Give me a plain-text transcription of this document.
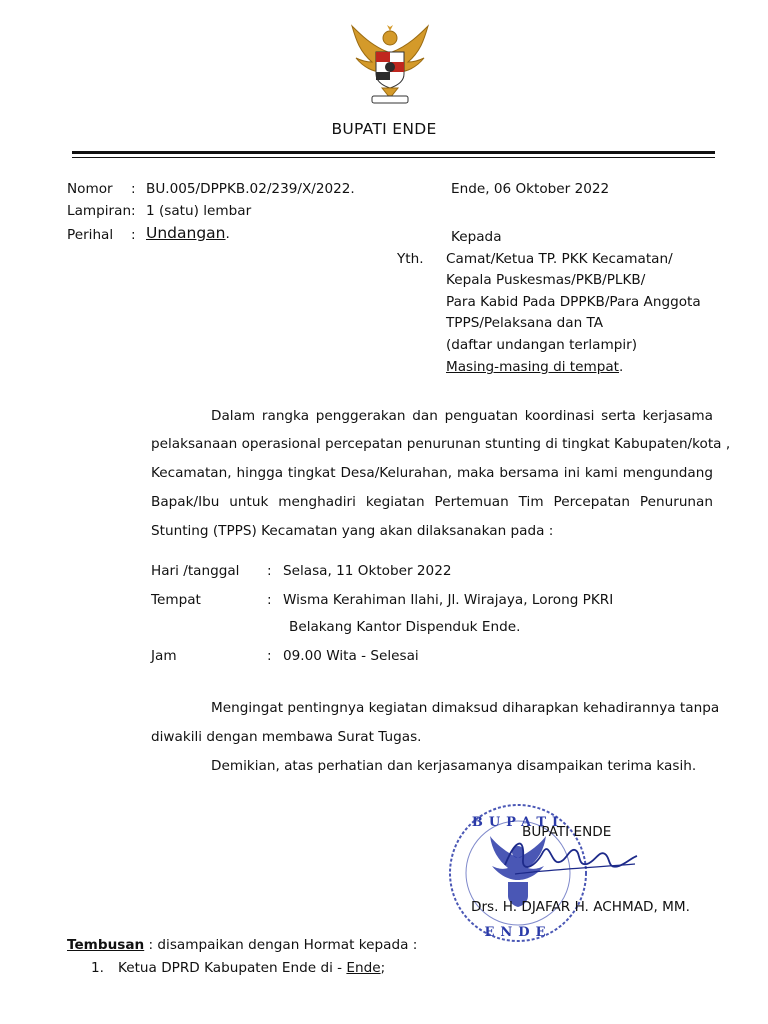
BUPATI ENDE
Nomor : BU.005/DPPKB.02/239/X/2022.	Ende, 06 Oktober 2022
Lampiran : 1 (satu) lembar
Perihal : Undangan.	Kepada
Yth. Camat/Ketua TP. PKK Kecamatan/
Kepala Puskesmas/PKB/PLKB/
Para Kabid Pada DPPKB/Para Anggota
TPPS/Pelaksana dan TA
(daftar undangan terlampir)
Masing-masing di tempat.
Dalam rangka penggerakan dan penguatan koordinasi serta kerjasama
pelaksanaan operasional percepatan penurunan stunting di tingkat Kabupaten/kota ,
Kecamatan, hingga tingkat Desa/Kelurahan, maka bersama ini kami mengundang
Bapak/Ibu untuk menghadiri kegiatan Pertemuan Tim Percepatan Penurunan
Stunting (TPPS) Kecamatan yang akan dilaksanakan pada :
Hari /tanggal : Selasa, 11 Oktober 2022
Tempat	: Wisma Kerahiman Ilahi, Jl. Wirajaya, Lorong PKRI
Belakang Kantor Dispenduk Ende.
Jam	: 09.00 Wita - Selesai
Mengingat pentingnya kegiatan dimaksud diharapkan kehadirannya tanpa
diwakili dengan membawa Surat Tugas.
Demikian, atas perhatian dan kerjasamanya disampaikan terima kasih.
BUPATI
ENDE
BUPATI ENDE
Drs. H. DJAFAR H. ACHMAD, MM.
Tembusan : disampaikan dengan Hormat kepada :
1. Ketua DPRD Kabupaten Ende di - Ende;
